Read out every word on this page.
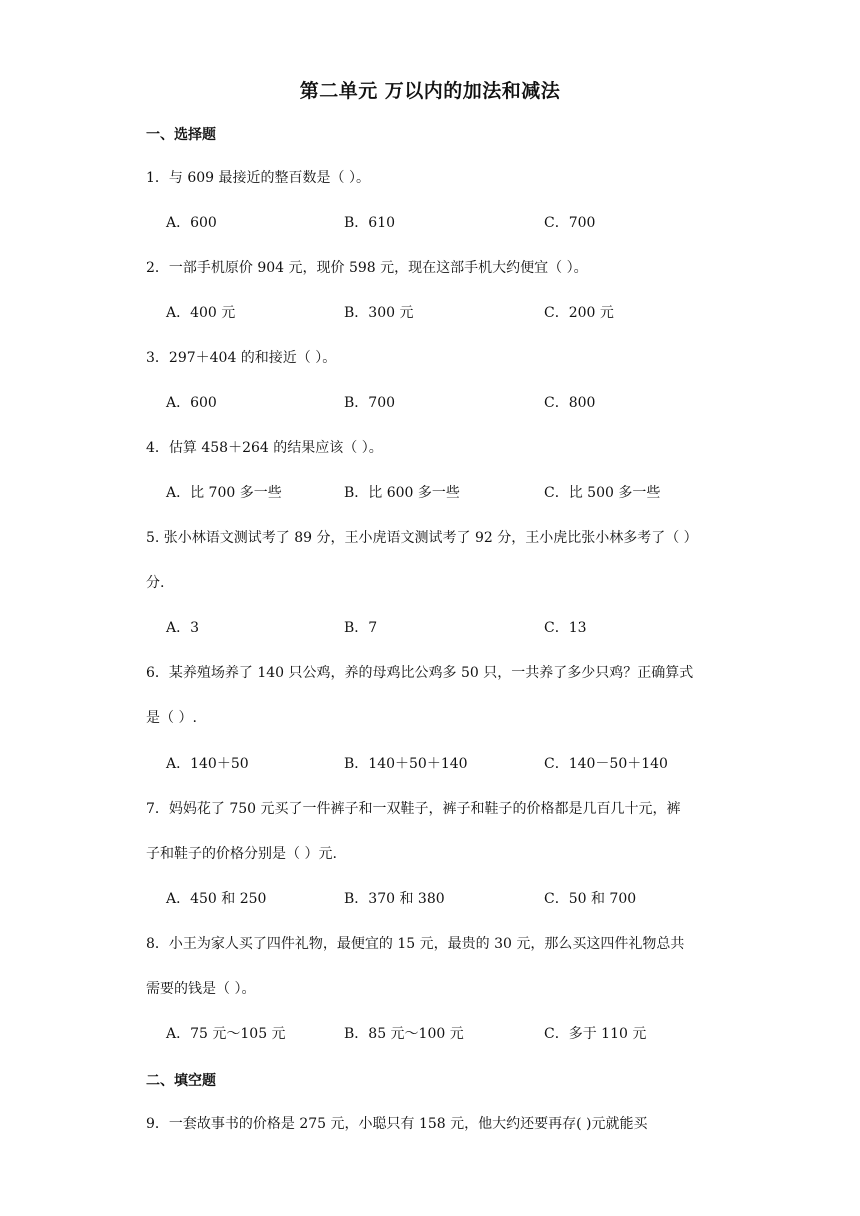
第二单元 万以内的加法和减法
一、选择题
1．与 609 最接近的整百数是（ ）。
A．600	B．610	C．700
2．一部手机原价 904 元，现价 598 元，现在这部手机大约便宜（ ）。
A．400 元	B．300 元	C．200 元
3．297＋404 的和接近（ ）。
A．600	B．700	C．800
4．估算 458＋264 的结果应该（ ）。
A．比 700 多一些	B．比 600 多一些	C．比 500 多一些
5. 张小林语文测试考了 89 分，王小虎语文测试考了 92 分，王小虎比张小林多考了（ ）
分.
A．3	B．7	C．13
6．某养殖场养了 140 只公鸡，养的母鸡比公鸡多 50 只，一共养了多少只鸡？正确算式
是（ ）.
A．140＋50	B．140＋50＋140	C．140－50＋140
7．妈妈花了 750 元买了一件裤子和一双鞋子，裤子和鞋子的价格都是几百几十元，裤
子和鞋子的价格分别是（ ）元.
A．450 和 250	B．370 和 380	C．50 和 700
8．小王为家人买了四件礼物，最便宜的 15 元，最贵的 30 元，那么买这四件礼物总共
需要的钱是（ ）。
A．75 元～105 元	B．85 元～100 元	C．多于 110 元
二、填空题
9．一套故事书的价格是 275 元，小聪只有 158 元，他大约还要再存( )元就能买
